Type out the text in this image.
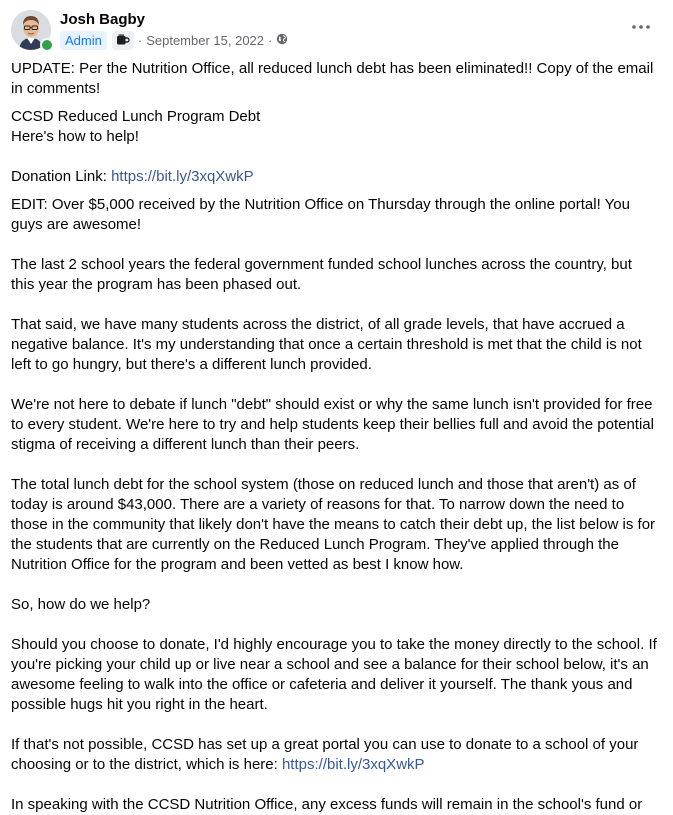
Josh Bagby
Admin	· September 15, 2022 ·

UPDATE: Per the Nutrition Office, all reduced lunch debt has been eliminated!! Copy of the email in comments!

CCSD Reduced Lunch Program Debt

Here's how to help!

Donation Link: https://bit.ly/3xqXwkP

EDIT: Over $5,000 received by the Nutrition Office on Thursday through the online portal! You guys are awesome!

The last 2 school years the federal government funded school lunches across the country, but this year the program has been phased out.

That said, we have many students across the district, of all grade levels, that have accrued a negative balance. It's my understanding that once a certain threshold is met that the child is not left to go hungry, but there's a different lunch provided.

We're not here to debate if lunch "debt" should exist or why the same lunch isn't provided for free to every student. We're here to try and help students keep their bellies full and avoid the potential stigma of receiving a different lunch than their peers.

The total lunch debt for the school system (those on reduced lunch and those that aren't) as of today is around $43,000. There are a variety of reasons for that. To narrow down the need to those in the community that likely don't have the means to catch their debt up, the list below is for the students that are currently on the Reduced Lunch Program. They've applied through the Nutrition Office for the program and been vetted as best I know how.

So, how do we help?

Should you choose to donate, I'd highly encourage you to take the money directly to the school. If you're picking your child up or live near a school and see a balance for their school below, it's an awesome feeling to walk into the office or cafeteria and deliver it yourself. The thank yous and possible hugs hit you right in the heart.

If that's not possible, CCSD has set up a great portal you can use to donate to a school of your choosing or to the district, which is here: https://bit.ly/3xqXwkP

In speaking with the CCSD Nutrition Office, any excess funds will remain in the school's fund or
